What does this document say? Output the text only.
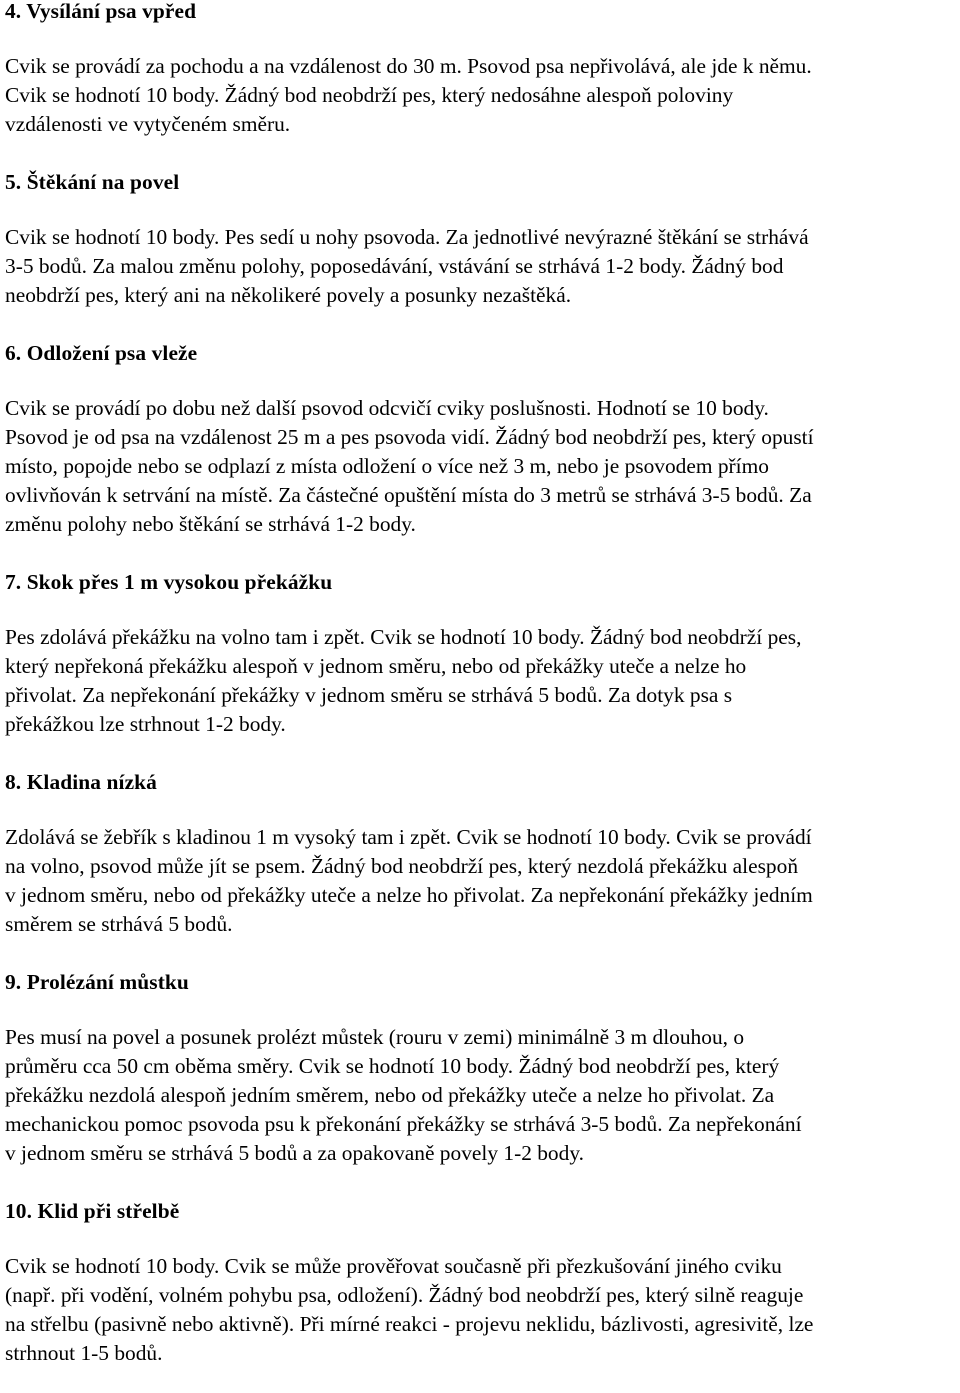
4. Vysílání psa vpřed
Cvik se provádí za pochodu a na vzdálenost do 30 m. Psovod psa nepřivolává, ale jde k němu.
Cvik se hodnotí 10 body. Žádný bod neobdrží pes, který nedosáhne alespoň poloviny
vzdálenosti ve vytyčeném směru.
5. Štěkání na povel
Cvik se hodnotí 10 body. Pes sedí u nohy psovoda. Za jednotlivé nevýrazné štěkání se strhává
3-5 bodů. Za malou změnu polohy, poposedávání, vstávání se strhává 1-2 body. Žádný bod
neobdrží pes, který ani na několikeré povely a posunky nezaštěká.
6. Odložení psa vleže
Cvik se provádí po dobu než další psovod odcvičí cviky poslušnosti. Hodnotí se 10 body.
Psovod je od psa na vzdálenost 25 m a pes psovoda vidí. Žádný bod neobdrží pes, který opustí
místo, popojde nebo se odplazí z místa odložení o více než 3 m, nebo je psovodem přímo
ovlivňován k setrvání na místě. Za částečné opuštění místa do 3 metrů se strhává 3-5 bodů. Za
změnu polohy nebo štěkání se strhává 1-2 body.
7. Skok přes 1 m vysokou překážku
Pes zdolává překážku na volno tam i zpět. Cvik se hodnotí 10 body. Žádný bod neobdrží pes,
který nepřekoná překážku alespoň v jednom směru, nebo od překážky uteče a nelze ho
přivolat. Za nepřekonání překážky v jednom směru se strhává 5 bodů. Za dotyk psa s
překážkou lze strhnout 1-2 body.
8. Kladina nízká
Zdolává se žebřík s kladinou 1 m vysoký tam i zpět. Cvik se hodnotí 10 body. Cvik se provádí
na volno, psovod může jít se psem. Žádný bod neobdrží pes, který nezdolá překážku alespoň
v jednom směru, nebo od překážky uteče a nelze ho přivolat. Za nepřekonání překážky jedním
směrem se strhává 5 bodů.
9. Prolézání můstku
Pes musí na povel a posunek prolézt můstek (rouru v zemi) minimálně 3 m dlouhou, o
průměru cca 50 cm oběma směry. Cvik se hodnotí 10 body. Žádný bod neobdrží pes, který
překážku nezdolá alespoň jedním směrem, nebo od překážky uteče a nelze ho přivolat. Za
mechanickou pomoc psovoda psu k překonání překážky se strhává 3-5 bodů. Za nepřekonání
v jednom směru se strhává 5 bodů a za opakovaně povely 1-2 body.
10. Klid při střelbě
Cvik se hodnotí 10 body. Cvik se může prověřovat současně při přezkušování jiného cviku
(např. při vodění, volném pohybu psa, odložení). Žádný bod neobdrží pes, který silně reaguje
na střelbu (pasivně nebo aktivně). Při mírné reakci - projevu neklidu, bázlivosti, agresivitě, lze
strhnout 1-5 bodů.
